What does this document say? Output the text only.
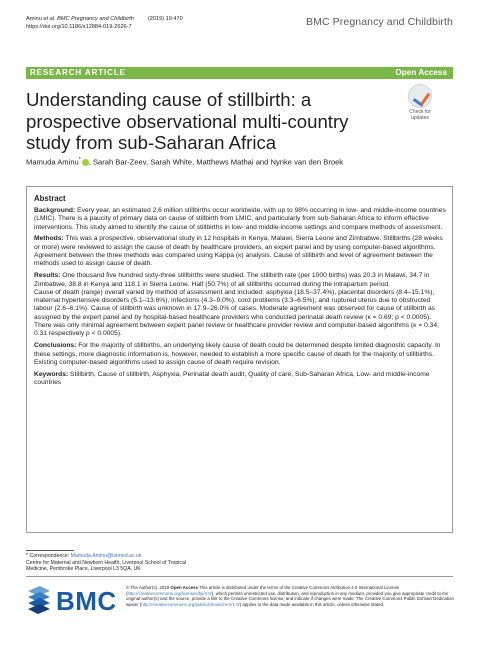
Aminu et al. BMC Pregnancy and Childbirth	(2019) 19:470
https://doi.org/10.1186/s12884-019-2626-7	BMC Pregnancy and Childbirth
RESEARCH ARTICLE	Open Access
Understanding cause of stillbirth: a prospective observational multi-country study from sub-Saharan Africa
Check for updates
Mamuda Aminu* , Sarah Bar-Zeev, Sarah White, Matthews Mathai and Nynke van den Broek
Abstract

Background: Every year, an estimated 2.6 million stillbirths occur worldwide, with up to 98% occurring in low- and middle-income countries (LMIC). There is a paucity of primary data on cause of stillbirth from LMIC, and particularly from sub-Saharan Africa to inform effective interventions. This study aimed to identify the cause of stillbirths in low- and middle-income settings and compare methods of assessment.

Methods: This was a prospective, observational study in 12 hospitals in Kenya, Malawi, Sierra Leone and Zimbabwe. Stillbirths (28 weeks or more) were reviewed to assign the cause of death by healthcare providers, an expert panel and by using computer-based algorithms. Agreement between the three methods was compared using Kappa (κ) analysis. Cause of stillbirth and level of agreement between the methods used to assign cause of death.

Results: One thousand five hundred sixty-three stillbirths were studied. The stillbirth rate (per 1000 births) was 20.3 in Malawi, 34.7 in Zimbabwe, 38.8 in Kenya and 118.1 in Sierra Leone. Half (50.7%) of all stillbirths occurred during the intrapartum period.

Cause of death (range) overall varied by method of assessment and included: asphyxia (18.5–37.4%), placental disorders (8.4–15.1%), maternal hypertensive disorders (5.1–13.6%), infections (4.3–9.0%), cord problems (3.3–6.5%), and ruptured uterus due to obstructed labour (2.6–6.1%). Cause of stillbirth was unknown in 17.9–26.0% of cases. Moderate agreement was observed for cause of stillbirth as assigned by the expert panel and by hospital-based healthcare providers who conducted perinatal death review (κ = 0.69; p < 0.0005). There was only minimal agreement between expert panel review or healthcare provider review and computer-based algorithms (κ = 0.34; 0.31 respectively p < 0.0005).

Conclusions: For the majority of stillbirths, an underlying likely cause of death could be determined despite limited diagnostic capacity. In these settings, more diagnostic information is, however, needed to establish a more specific cause of death for the majority of stillbirths. Existing computer-based algorithms used to assign cause of death require revision.

Keywords: Stillbirth, Cause of stillbirth, Asphyxia, Perinatal death audit, Quality of care, Sub-Saharan Africa, Low- and middle-income countries

* Correspondence: Mamuda.Aminu@lstmed.ac.uk
Centre for Maternal and Newborn Health, Liverpool School of Tropical
Medicine, Pembroke Place, Liverpool L3 5QA, UK
BMC © The Author(s). 2019 Open Access This article is distributed under the terms of the Creative Commons Attribution 4.0 International License (http://creativecommons.org/licenses/by/4.0/), which permits unrestricted use, distribution, and reproduction in any medium, provided you give appropriate credit to the original author(s) and the source, provide a link to the Creative Commons license, and indicate if changes were made. The Creative Commons Public Domain Dedication waiver (http://creativecommons.org/publicdomain/zero/1.0/) applies to the data made available in this article, unless otherwise stated.
